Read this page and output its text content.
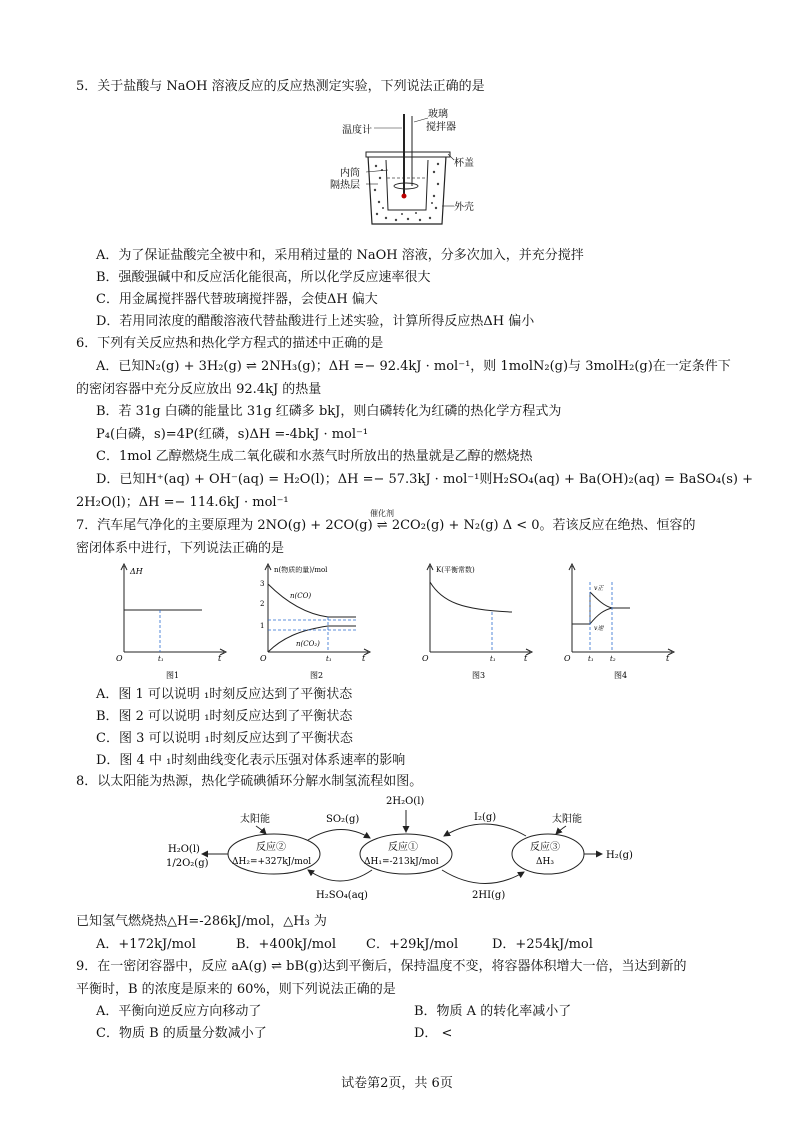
5．关于盐酸与 NaOH 溶液反应的反应热测定实验，下列说法正确的是
温度计
玻璃
搅拌器
杯盖
内筒
隔热层
外壳
A．为了保证盐酸完全被中和，采用稍过量的 NaOH 溶液，分多次加入，并充分搅拌
B．强酸强碱中和反应活化能很高，所以化学反应速率很大
C．用金属搅拌器代替玻璃搅拌器，会使ΔH 偏大
D．若用同浓度的醋酸溶液代替盐酸进行上述实验，计算所得反应热ΔH 偏小
6．下列有关反应热和热化学方程式的描述中正确的是
A．已知N₂(g) + 3H₂(g) ⇌ 2NH₃(g)；ΔH =− 92.4kJ · mol⁻¹，则 1molN₂(g)与 3molH₂(g)在一定条件下
的密闭容器中充分反应放出 92.4kJ 的热量
B．若 31g 白磷的能量比 31g 红磷多 bkJ，则白磷转化为红磷的热化学方程式为
P₄(白磷，s)=4P(红磷，s)ΔH =-4bkJ · mol⁻¹
C．1mol 乙醇燃烧生成二氧化碳和水蒸气时所放出的热量就是乙醇的燃烧热
D．已知H⁺(aq) + OH⁻(aq) = H₂O(l)；ΔH =− 57.3kJ · mol⁻¹则H₂SO₄(aq) + Ba(OH)₂(aq) = BaSO₄(s) +
2H₂O(l)；ΔH =− 114.6kJ · mol⁻¹
催化剂
7．汽车尾气净化的主要原理为 2NO(g) + 2CO(g) ⇌ 2CO₂(g) + N₂(g) Δ < 0。若该反应在绝热、恒容的
密闭体系中进行，下列说法正确的是
ΔH
O	t₁	t
图1
n(物质的量)/mol
3
2
1
n(CO)
n(CO₂)
O	t₁	t
图2
K(平衡常数)
O	t₁	t
图3
v正
v逆
O t₁ t₂	t
图4
A．图 1 可以说明 ₁时刻反应达到了平衡状态
B．图 2 可以说明 ₁时刻反应达到了平衡状态
C．图 3 可以说明 ₁时刻反应达到了平衡状态
D．图 4 中 ₁时刻曲线变化表示压强对体系速率的影响
8．以太阳能为热源，热化学硫碘循环分解水制氢流程如图。
2H₂O(l)
太阳能	太阳能
SO₂(g)	I₂(g)
反应②
ΔH₂=+327kJ/mol
反应①
ΔH₁=-213kJ/mol
反应③
ΔH₃
H₂O(l)
1/2O₂(g)
H₂(g)
H₂SO₄(aq)	2HI(g)
已知氢气燃烧热△H=-286kJ/mol，△H₃ 为
A．+172kJ/mol	B．+400kJ/mol C．+29kJ/mol	D．+254kJ/mol
9．在一密闭容器中，反应 aA(g) ⇌ bB(g)达到平衡后，保持温度不变，将容器体积增大一倍，当达到新的
平衡时，B 的浓度是原来的 60%，则下列说法正确的是
A．平衡向逆反应方向移动了	B．物质 A 的转化率减小了
C．物质 B 的质量分数减小了	D． <
试卷第2页，共 6页
